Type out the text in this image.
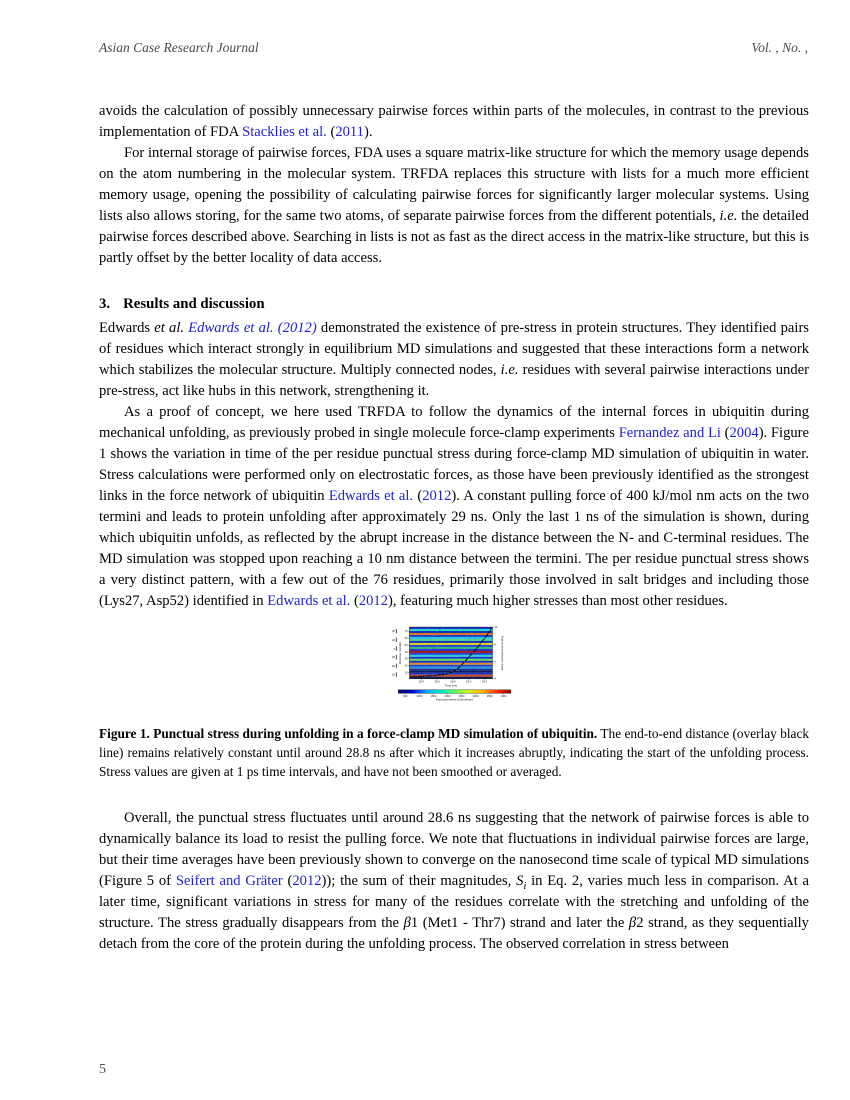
Asian Case Research Journal	Vol. , No. ,

avoids the calculation of possibly unnecessary pairwise forces within parts of the molecules, in contrast to the previous implementation of FDA Stacklies et al. (2011).

For internal storage of pairwise forces, FDA uses a square matrix-like structure for which the memory usage depends on the atom numbering in the molecular system. TRFDA replaces this structure with lists for a much more efficient memory usage, opening the possibility of calculating pairwise forces for significantly larger molecular systems. Using lists also allows storing, for the same two atoms, of separate pairwise forces from the different potentials, i.e. the detailed pairwise forces described above. Searching in lists is not as fast as the direct access in the matrix-like structure, but this is partly offset by the better locality of data access.

3. Results and discussion

Edwards et al. Edwards et al. (2012) demonstrated the existence of pre-stress in protein structures. They identified pairs of residues which interact strongly in equilibrium MD simulations and suggested that these interactions form a network which stabilizes the molecular structure. Multiply connected nodes, i.e. residues with several pairwise interactions under pre-stress, act like hubs in this network, strengthening it.

As a proof of concept, we here used TRFDA to follow the dynamics of the internal forces in ubiquitin during mechanical unfolding, as previously probed in single molecule force-clamp experiments Fernandez and Li (2004). Figure 1 shows the variation in time of the per residue punctual stress during force-clamp MD simulation of ubiquitin in water. Stress calculations were performed only on electrostatic forces, as those have been previously identified as the strongest links in the force network of ubiquitin Edwards et al. (2012). A constant pulling force of 400 kJ/mol nm acts on the two termini and leads to protein unfolding after approximately 29 ns. Only the last 1 ns of the simulation is shown, during which ubiquitin unfolds, as reflected by the abrupt increase in the distance between the N- and C-terminal residues. The MD simulation was stopped upon reaching a 10 nm distance between the termini. The per residue punctual stress shows a very distinct pattern, with a few out of the 76 residues, primarily those involved in salt bridges and including those (Lys27, Asp52) identified in Edwards et al. (2012), featuring much higher stresses than most other residues.

10
20
30
40
50
60
70
Residue number
β5
β4
α
β3
β2
β1
4
6
8
10
End-to-end distance (nm)
28.4	28.6	28.8	29.0	29.2
Time (ns)
500	1000	1500	2000	2500	3000	3500	4000
Punctual stress (kJ/mol/nm)

Figure 1. Punctual stress during unfolding in a force-clamp MD simulation of ubiquitin. The end-to-end distance (overlay black line) remains relatively constant until around 28.8 ns after which it increases abruptly, indicating the start of the unfolding process. Stress values are given at 1 ps time intervals, and have not been smoothed or averaged.

Overall, the punctual stress fluctuates until around 28.6 ns suggesting that the network of pairwise forces is able to dynamically balance its load to resist the pulling force. We note that fluctuations in individual pairwise forces are large, but their time averages have been previously shown to converge on the nanosecond time scale of typical MD simulations (Figure 5 of Seifert and Gräter (2012)); the sum of their magnitudes, $S_i$ in Eq. 2, varies much less in comparison. At a later time, significant variations in stress for many of the residues correlate with the stretching and unfolding of the structure. The stress gradually disappears from the β1 (Met1 - Thr7) strand and later the β2 strand, as they sequentially detach from the core of the protein during the unfolding process. The observed correlation in stress between

5
